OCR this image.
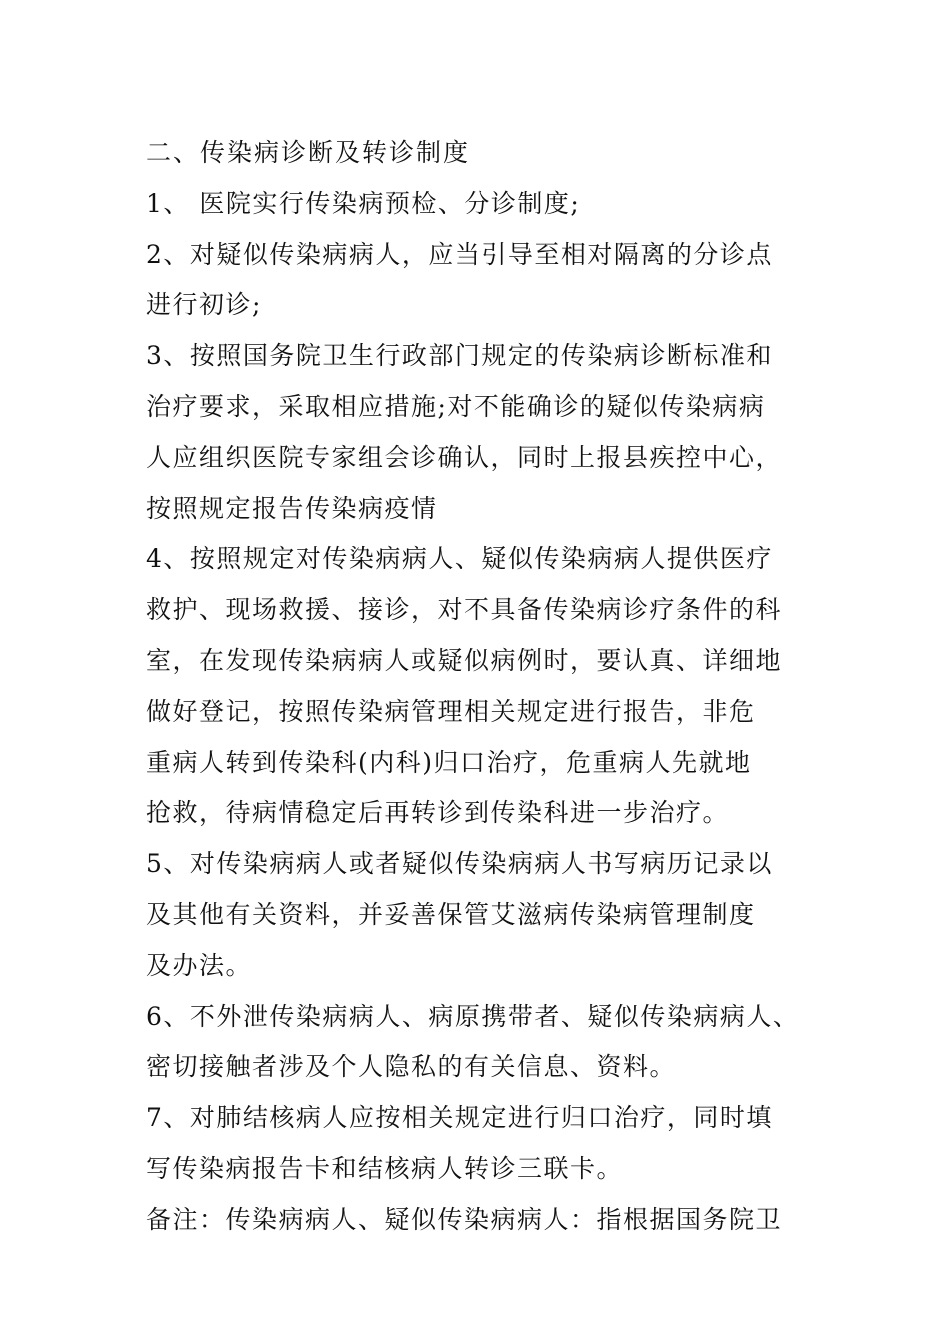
二、传染病诊断及转诊制度
1、 医院实行传染病预检、分诊制度;
2、对疑似传染病病人，应当引导至相对隔离的分诊点
进行初诊;
3、按照国务院卫生行政部门规定的传染病诊断标准和
治疗要求，采取相应措施;对不能确诊的疑似传染病病
人应组织医院专家组会诊确认，同时上报县疾控中心，
按照规定报告传染病疫情
4、按照规定对传染病病人、疑似传染病病人提供医疗
救护、现场救援、接诊，对不具备传染病诊疗条件的科
室，在发现传染病病人或疑似病例时，要认真、详细地
做好登记，按照传染病管理相关规定进行报告，非危
重病人转到传染科(内科)归口治疗，危重病人先就地
抢救，待病情稳定后再转诊到传染科进一步治疗。
5、对传染病病人或者疑似传染病病人书写病历记录以
及其他有关资料，并妥善保管艾滋病传染病管理制度
及办法。
6、不外泄传染病病人、病原携带者、疑似传染病病人、
密切接触者涉及个人隐私的有关信息、资料。
7、对肺结核病人应按相关规定进行归口治疗，同时填
写传染病报告卡和结核病人转诊三联卡。
备注：传染病病人、疑似传染病病人：指根据国务院卫
